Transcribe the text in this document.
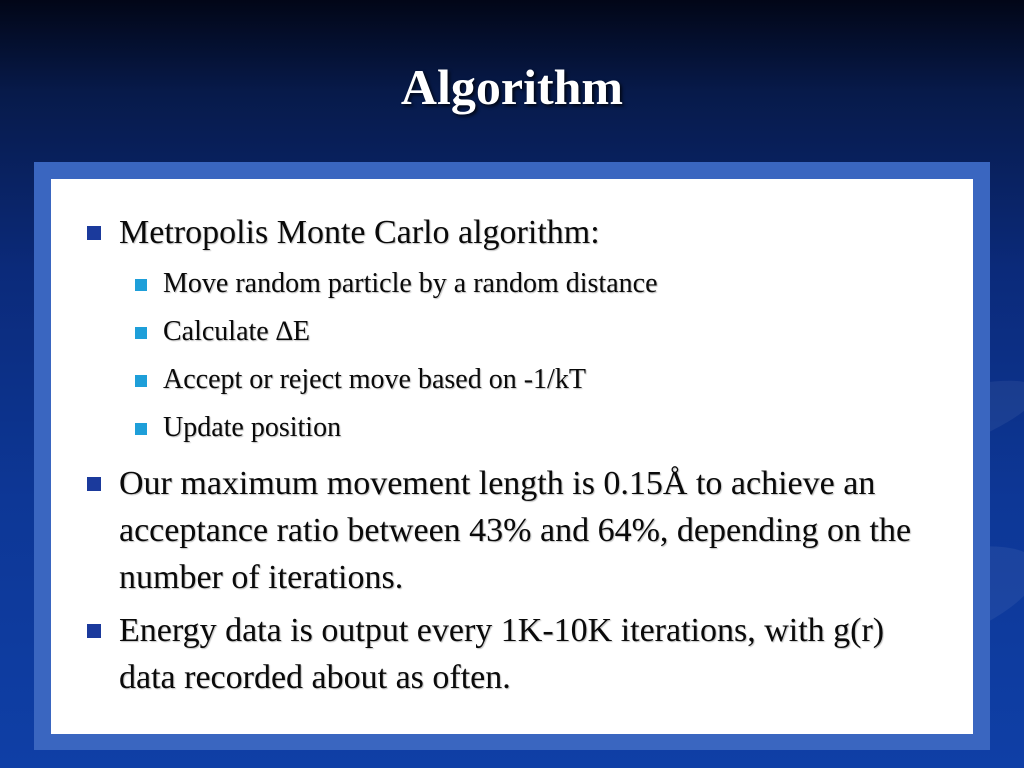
Algorithm
Metropolis Monte Carlo algorithm:
Move random particle by a random distance
Calculate ∆E
Accept or reject move based on -1/kT
Update position
Our maximum movement length is 0.15Å to achieve an acceptance ratio between 43% and 64%, depending on the number of iterations.
Energy data is output every 1K-10K iterations, with g(r) data recorded about as often.
